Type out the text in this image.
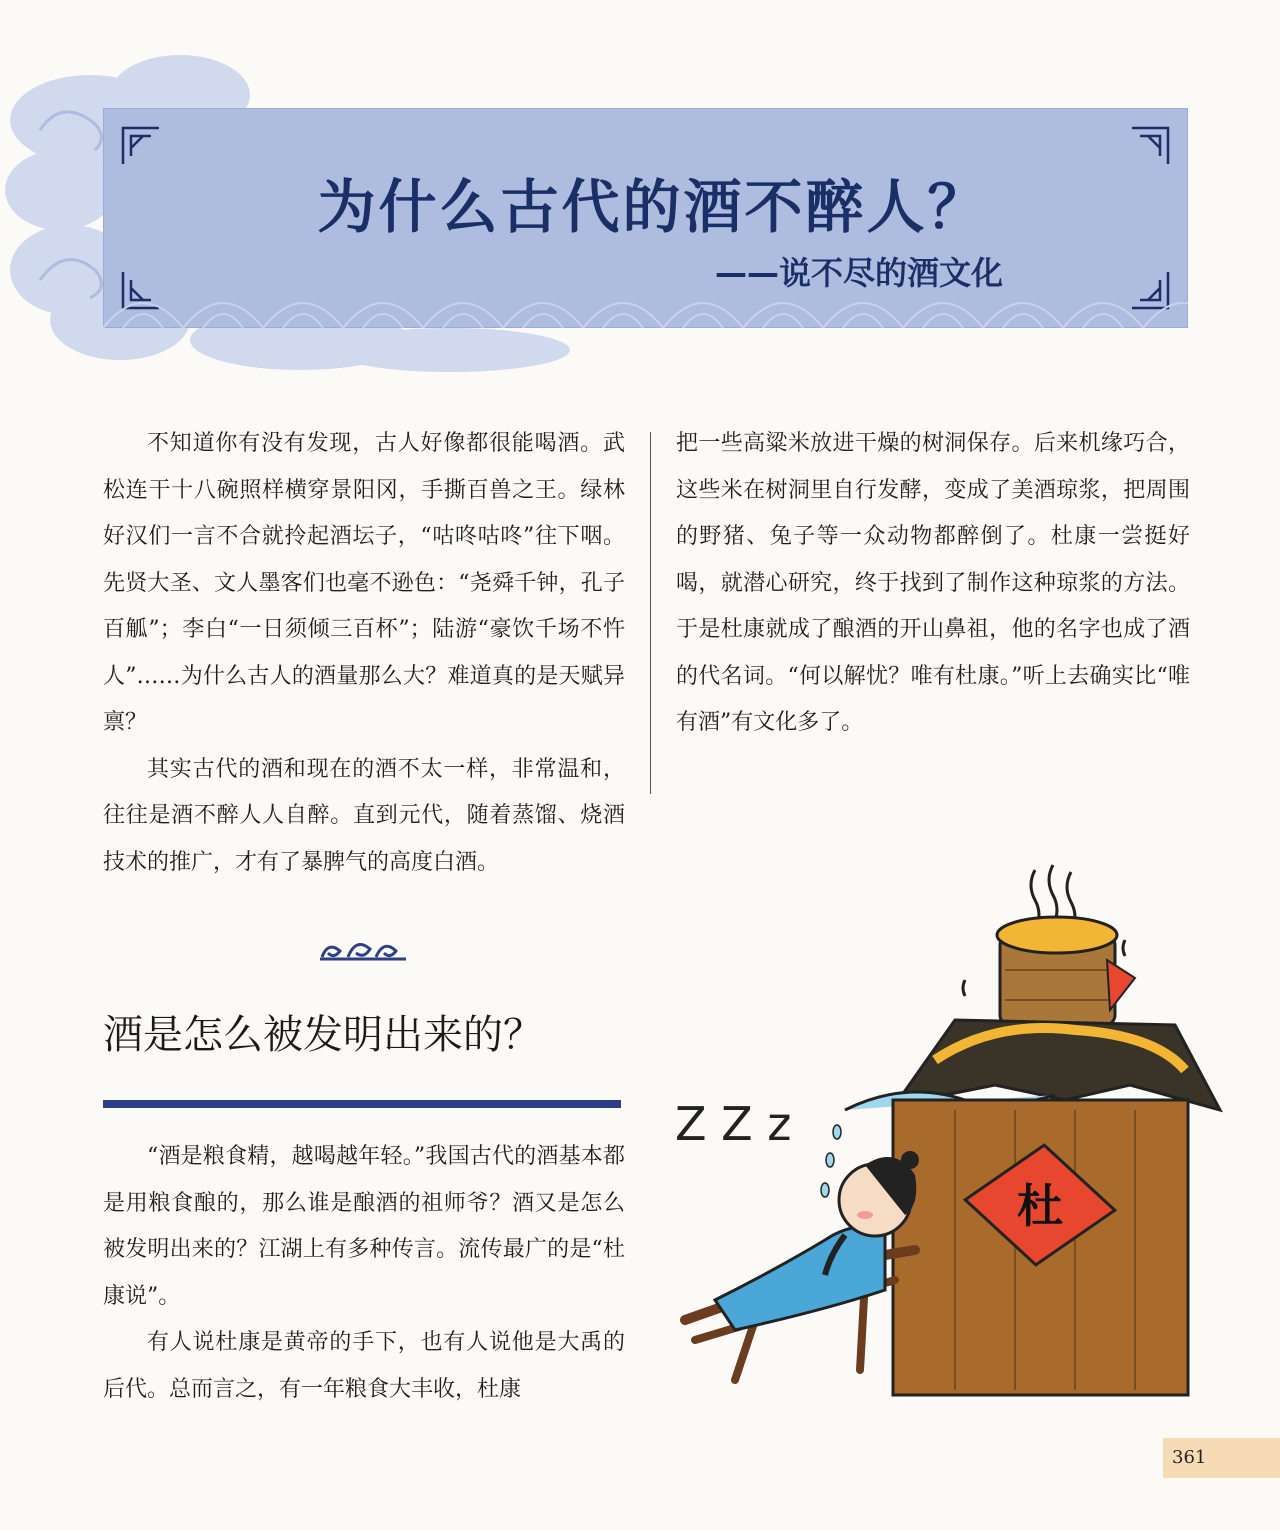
为什么古代的酒不醉人？
——说不尽的酒文化

不知道你有没有发现，古人好像都很能喝酒。武松连干十八碗照样横穿景阳冈，手撕百兽之王。绿林好汉们一言不合就拎起酒坛子，“咕咚咕咚”往下咽。先贤大圣、文人墨客们也毫不逊色：“尧舜千钟，孔子百觚”；李白“一日须倾三百杯”；陆游“豪饮千场不忤人”……为什么古人的酒量那么大？难道真的是天赋异禀？

其实古代的酒和现在的酒不太一样，非常温和，往往是酒不醉人人自醉。直到元代，随着蒸馏、烧酒技术的推广，才有了暴脾气的高度白酒。

把一些高粱米放进干燥的树洞保存。后来机缘巧合，这些米在树洞里自行发酵，变成了美酒琼浆，把周围的野猪、兔子等一众动物都醉倒了。杜康一尝挺好喝，就潜心研究，终于找到了制作这种琼浆的方法。于是杜康就成了酿酒的开山鼻祖，他的名字也成了酒的代名词。“何以解忧？唯有杜康。”听上去确实比“唯有酒”有文化多了。

酒是怎么被发明出来的？

“酒是粮食精，越喝越年轻。”我国古代的酒基本都是用粮食酿的，那么谁是酿酒的祖师爷？酒又是怎么被发明出来的？江湖上有多种传言。流传最广的是“杜康说”。

有人说杜康是黄帝的手下，也有人说他是大禹的后代。总而言之，有一年粮食大丰收，杜康

杜
Z Z z
361
